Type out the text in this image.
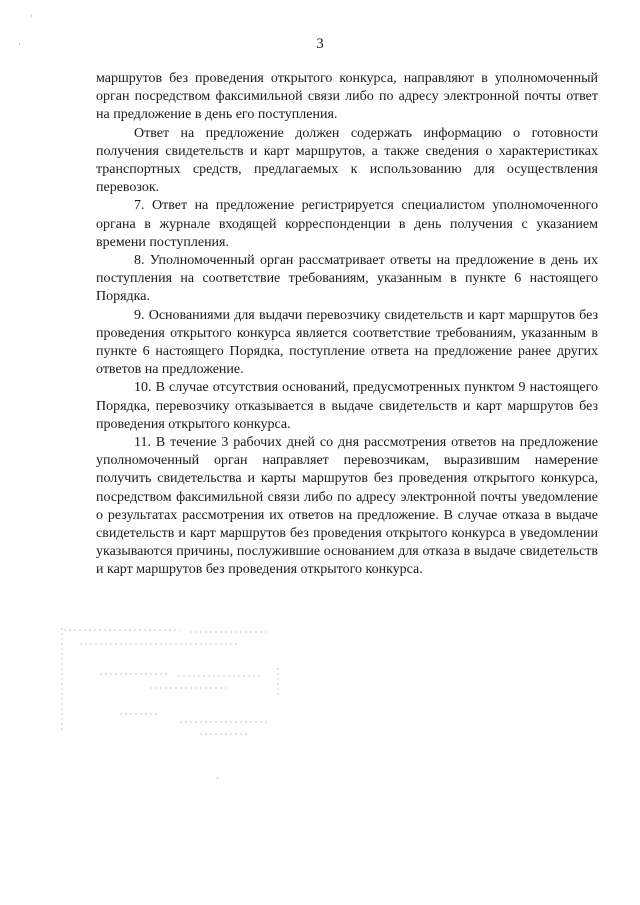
·
·	3

маршрутов без проведения открытого конкурса, направляют в уполномоченный орган посредством факсимильной связи либо по адресу электронной почты ответ на предложение в день его поступления.

Ответ на предложение должен содержать информацию о готовности получения свидетельств и карт маршрутов, а также сведения о характеристиках транспортных средств, предлагаемых к использованию для осуществления перевозок.

7. Ответ на предложение регистрируется специалистом уполномоченного органа в журнале входящей корреспонденции в день получения с указанием времени поступления.

8. Уполномоченный орган рассматривает ответы на предложение в день их поступления на соответствие требованиям, указанным в пункте 6 настоящего Порядка.

9. Основаниями для выдачи перевозчику свидетельств и карт маршрутов без проведения открытого конкурса является соответствие требованиям, указанным в пункте 6 настоящего Порядка, поступление ответа на предложение ранее других ответов на предложение.

10. В случае отсутствия оснований, предусмотренных пунктом 9 настоящего Порядка, перевозчику отказывается в выдаче свидетельств и карт маршрутов без проведения открытого конкурса.

11. В течение 3 рабочих дней со дня рассмотрения ответов на предложение уполномоченный орган направляет перевозчикам, выразившим намерение получить свидетельства и карты маршрутов без проведения открытого конкурса, посредством факсимильной связи либо по адресу электронной почты уведомление о результатах рассмотрения их ответов на предложение. В случае отказа в выдаче свидетельств и карт маршрутов без проведения открытого конкурса в уведомлении указываются причины, послужившие основанием для отказа в выдаче свидетельств и карт маршрутов без проведения открытого конкурса.

·
